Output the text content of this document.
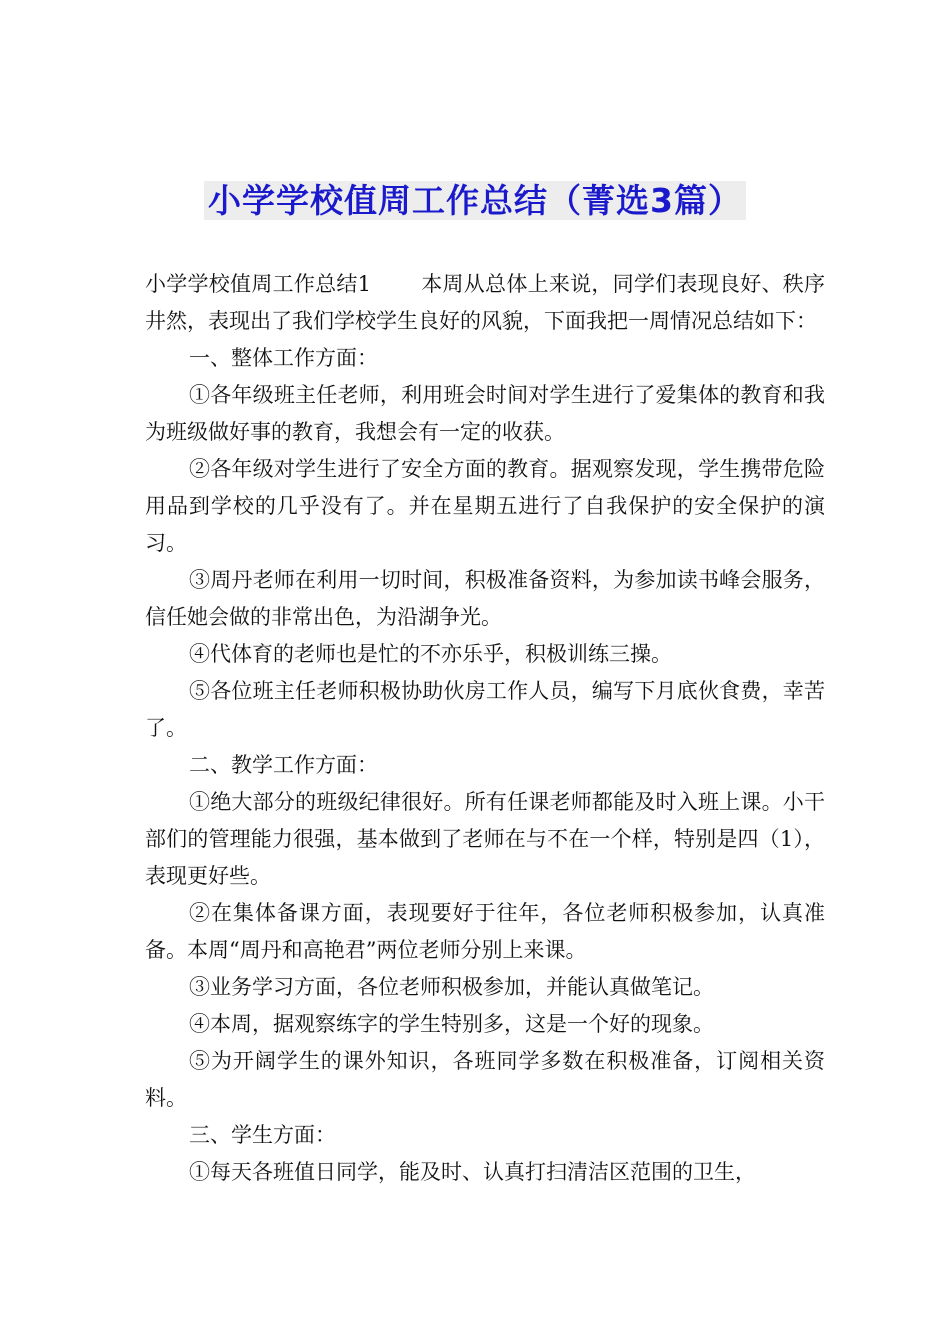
小学学校值周工作总结（菁选3篇）

小学学校值周工作总结1 本周从总体上来说，同学们表现良好、秩序井然，表现出了我们学校学生良好的风貌，下面我把一周情况总结如下：

一、整体工作方面：

①各年级班主任老师，利用班会时间对学生进行了爱集体的教育和我为班级做好事的教育，我想会有一定的收获。

②各年级对学生进行了安全方面的教育。据观察发现，学生携带危险用品到学校的几乎没有了。并在星期五进行了自我保护的安全保护的演习。

③周丹老师在利用一切时间，积极准备资料，为参加读书峰会服务，信任她会做的非常出色，为沿湖争光。

④代体育的老师也是忙的不亦乐乎，积极训练三操。

⑤各位班主任老师积极协助伙房工作人员，编写下月底伙食费，幸苦了。

二、教学工作方面：

①绝大部分的班级纪律很好。所有任课老师都能及时入班上课。小干部们的管理能力很强，基本做到了老师在与不在一个样，特别是四（1），表现更好些。

②在集体备课方面，表现要好于往年，各位老师积极参加，认真准备。本周“周丹和高艳君”两位老师分别上来课。

③业务学习方面，各位老师积极参加，并能认真做笔记。

④本周，据观察练字的学生特别多，这是一个好的现象。

⑤为开阔学生的课外知识，各班同学多数在积极准备，订阅相关资料。

三、学生方面：

①每天各班值日同学，能及时、认真打扫清洁区范围的卫生，
